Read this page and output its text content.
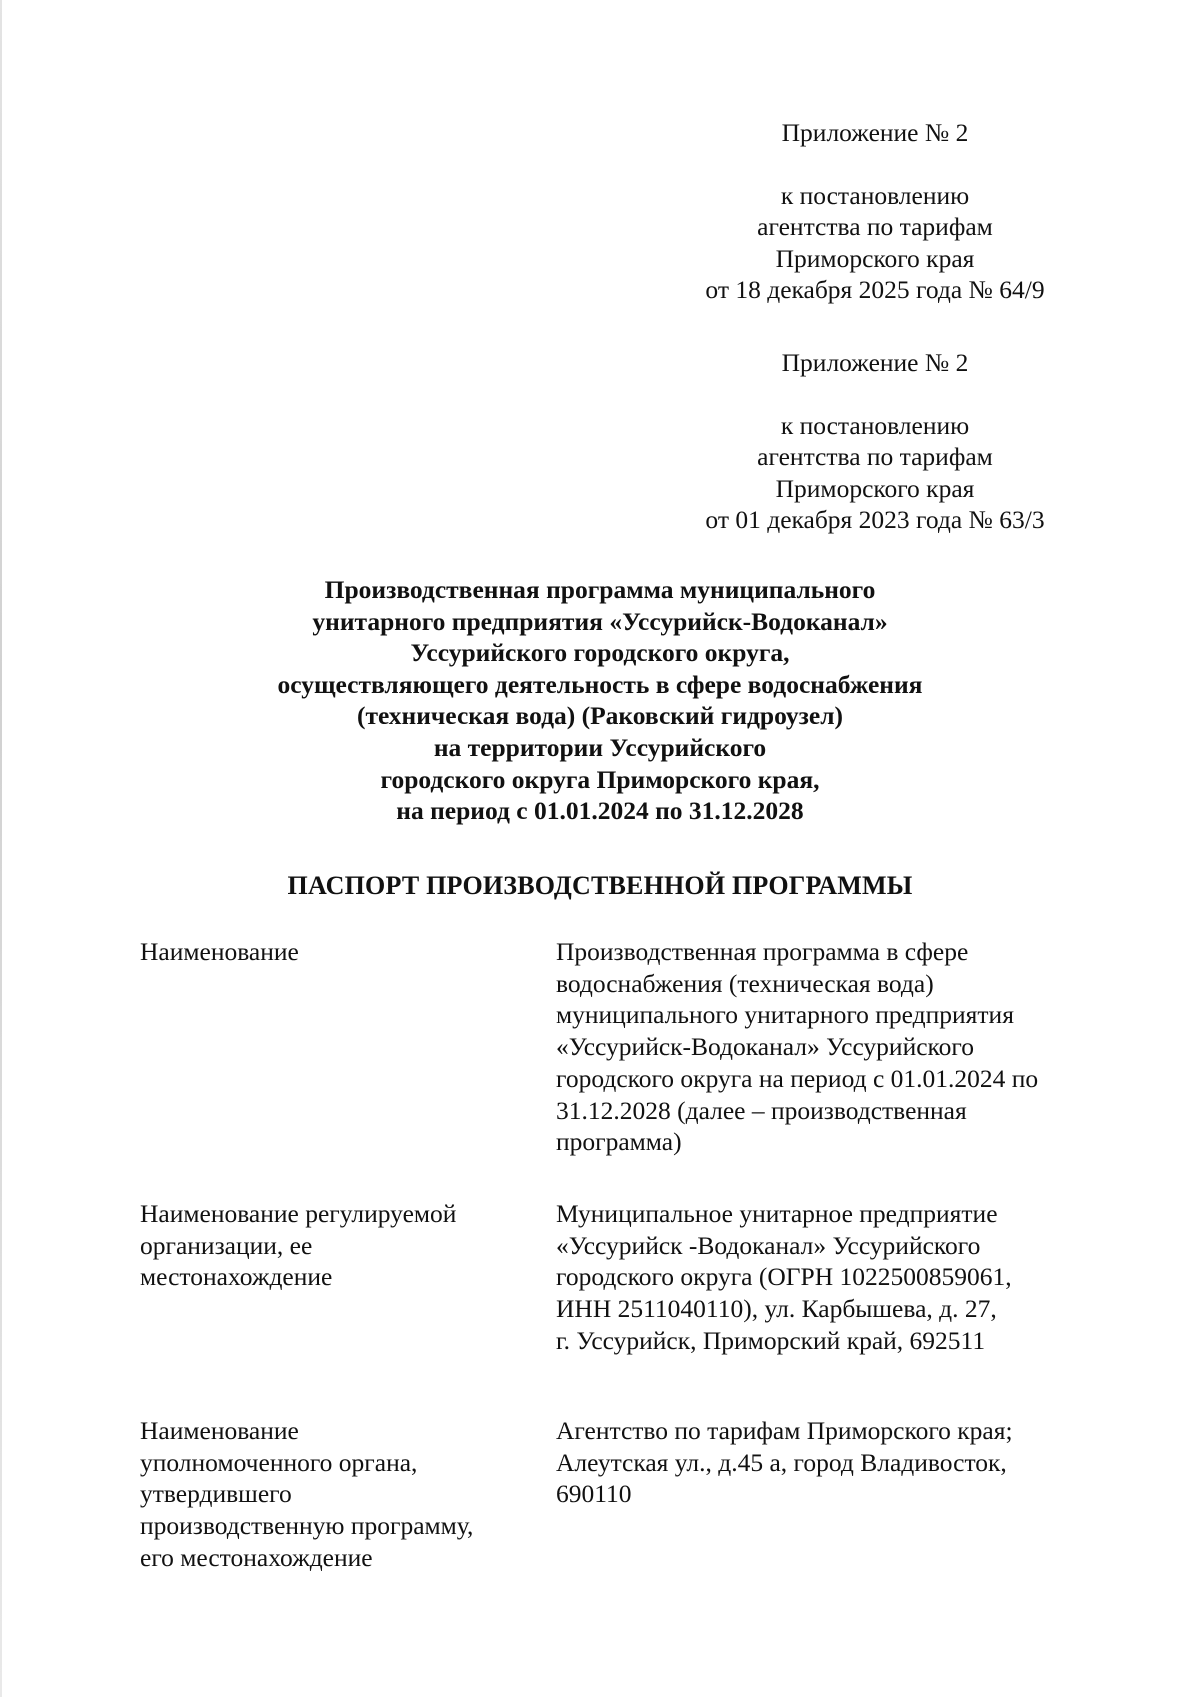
Приложение № 2
к постановлению
агентства по тарифам
Приморского края
от 18 декабря 2025 года № 64/9
Приложение № 2
к постановлению
агентства по тарифам
Приморского края
от 01 декабря 2023 года № 63/3
Производственная программа муниципального
унитарного предприятия «Уссурийск-Водоканал»
Уссурийского городского округа,
осуществляющего деятельность в сфере водоснабжения
(техническая вода) (Раковский гидроузел)
на территории Уссурийского
городского округа Приморского края,
на период с 01.01.2024 по 31.12.2028
ПАСПОРТ ПРОИЗВОДСТВЕННОЙ ПРОГРАММЫ
Наименование	Производственная программа в сфере
водоснабжения (техническая вода)
муниципального унитарного предприятия
«Уссурийск-Водоканал» Уссурийского
городского округа на период с 01.01.2024 по
31.12.2028 (далее – производственная
программа)
Наименование регулируемой
организации, ее
местонахождение
Муниципальное унитарное предприятие
«Уссурийск -Водоканал» Уссурийского
городского округа (ОГРН 1022500859061,
ИНН 2511040110), ул. Карбышева, д. 27,
г. Уссурийск, Приморский край, 692511
Наименование
уполномоченного органа,
утвердившего
производственную программу,
его местонахождение
Агентство по тарифам Приморского края;
Алеутская ул., д.45 а, город Владивосток,
690110
